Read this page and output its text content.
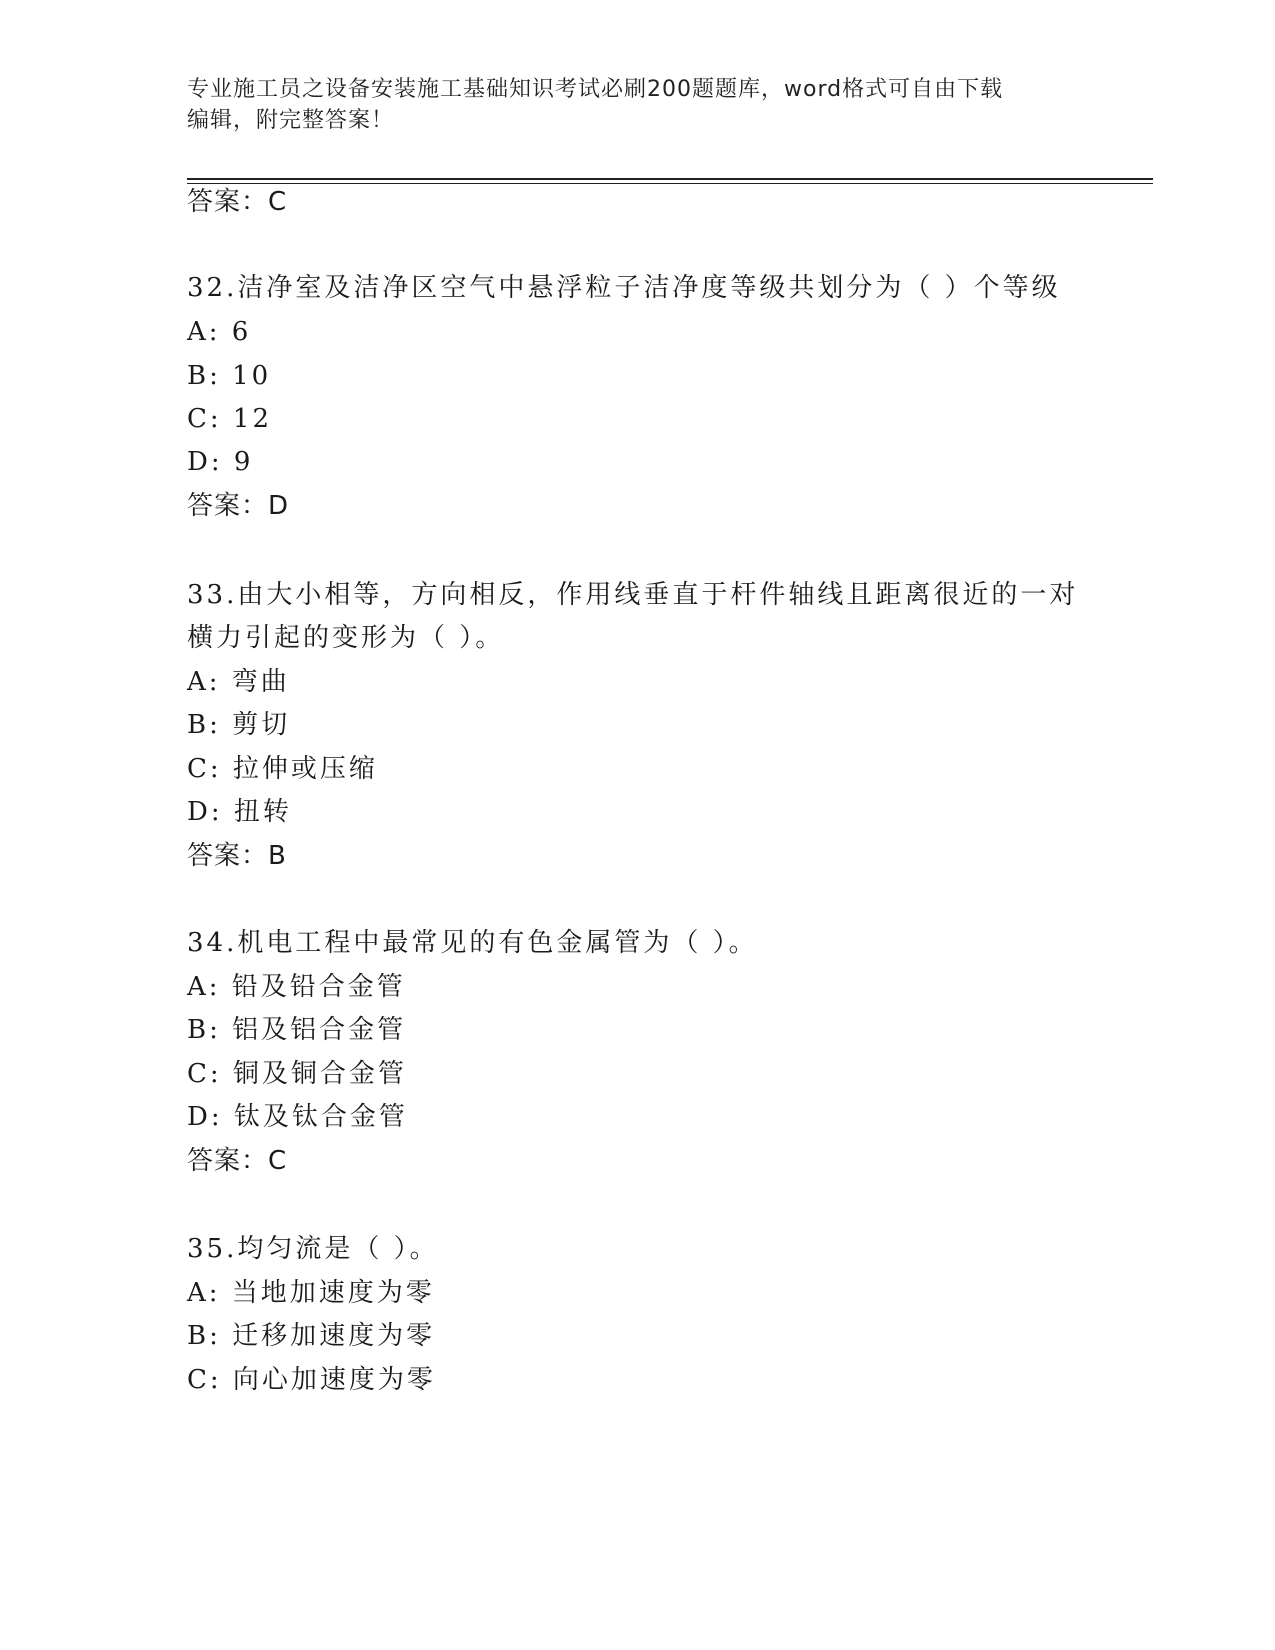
专业施工员之设备安装施工基础知识考试必刷200题题库，word格式可自由下载
编辑，附完整答案！
答案：C
32.洁净室及洁净区空气中悬浮粒子洁净度等级共划分为（ ）个等级
A: 6
B: 10
C: 12
D: 9
答案：D
33.由大小相等，方向相反，作用线垂直于杆件轴线且距离很近的一对
横力引起的变形为（ ）。
A: 弯曲
B: 剪切
C: 拉伸或压缩
D: 扭转
答案：B
34.机电工程中最常见的有色金属管为（ ）。
A: 铅及铅合金管
B: 铝及铝合金管
C: 铜及铜合金管
D: 钛及钛合金管
答案：C
35.均匀流是（ ）。
A: 当地加速度为零
B: 迁移加速度为零
C: 向心加速度为零
